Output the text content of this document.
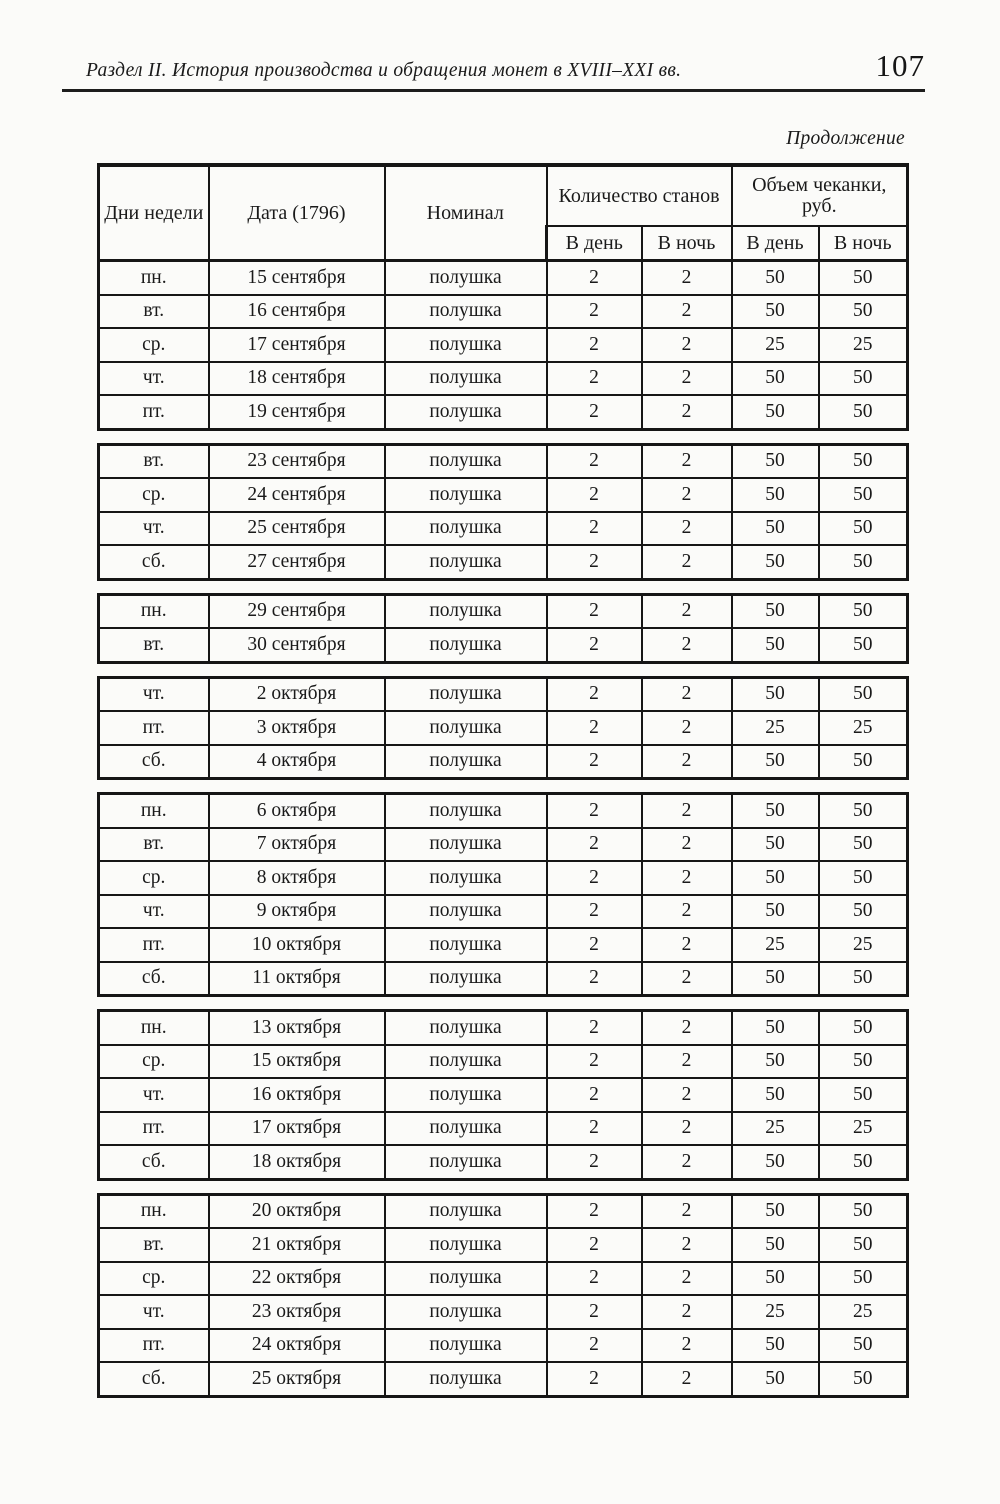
Раздел II. История производства и обращения монет в XVIII–XXI вв.	107
Продолжение
Дни недели	Дата (1796)	Номинал	Количество станов		Объем чеканки, руб.	
			В день	В ночь	В день	В ночь
пн.	15 сентября	полушка	2	2	50	50
вт.	16 сентября	полушка	2	2	50	50
ср.	17 сентября	полушка	2	2	25	25
чт.	18 сентября	полушка	2	2	50	50
пт.	19 сентября	полушка	2	2	50	50

вт.	23 сентября	полушка	2	2	50	50
ср.	24 сентября	полушка	2	2	50	50
чт.	25 сентября	полушка	2	2	50	50
сб.	27 сентября	полушка	2	2	50	50

пн.	29 сентября	полушка	2	2	50	50
вт.	30 сентября	полушка	2	2	50	50

чт.	2 октября	полушка	2	2	50	50
пт.	3 октября	полушка	2	2	25	25
сб.	4 октября	полушка	2	2	50	50

пн.	6 октября	полушка	2	2	50	50
вт.	7 октября	полушка	2	2	50	50
ср.	8 октября	полушка	2	2	50	50
чт.	9 октября	полушка	2	2	50	50
пт.	10 октября	полушка	2	2	25	25
сб.	11 октября	полушка	2	2	50	50

пн.	13 октября	полушка	2	2	50	50
ср.	15 октября	полушка	2	2	50	50
чт.	16 октября	полушка	2	2	50	50
пт.	17 октября	полушка	2	2	25	25
сб.	18 октября	полушка	2	2	50	50

пн.	20 октября	полушка	2	2	50	50
вт.	21 октября	полушка	2	2	50	50
ср.	22 октября	полушка	2	2	50	50
чт.	23 октября	полушка	2	2	25	25
пт.	24 октября	полушка	2	2	50	50
сб.	25 октября	полушка	2	2	50	50
